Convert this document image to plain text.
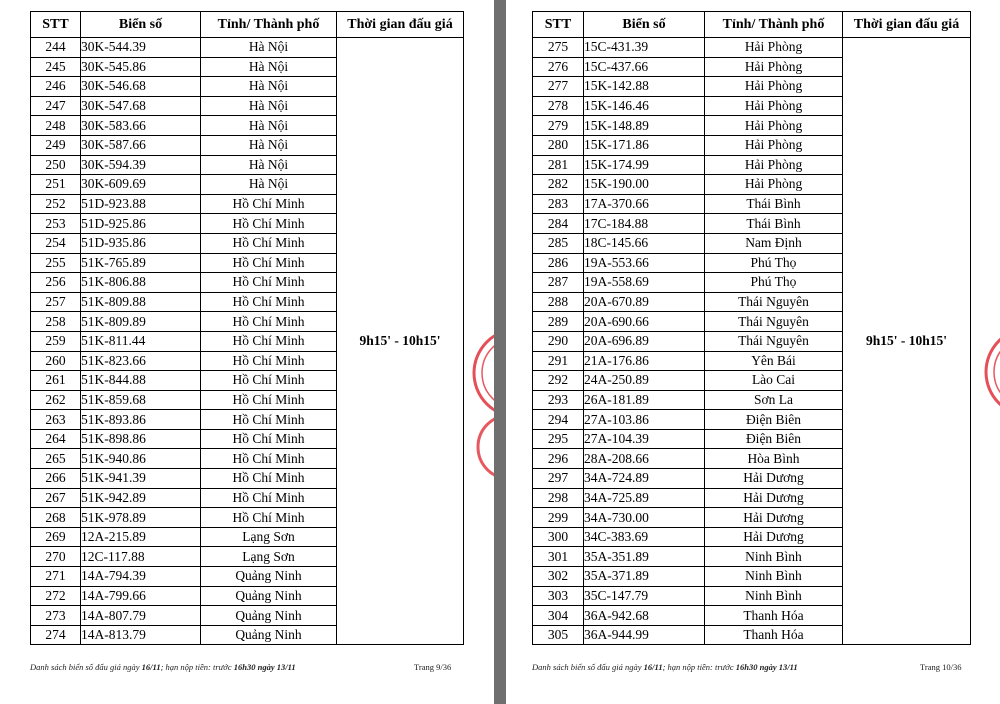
STT	Biển số	Tỉnh/ Thành phố	Thời gian đấu giá
244	30K-544.39	Hà Nội	9h15' - 10h15'
245	30K-545.86	Hà Nội	
246	30K-546.68	Hà Nội	
247	30K-547.68	Hà Nội	
248	30K-583.66	Hà Nội	
249	30K-587.66	Hà Nội	
250	30K-594.39	Hà Nội	
251	30K-609.69	Hà Nội	
252	51D-923.88	Hồ Chí Minh	
253	51D-925.86	Hồ Chí Minh	
254	51D-935.86	Hồ Chí Minh	
255	51K-765.89	Hồ Chí Minh	
256	51K-806.88	Hồ Chí Minh	
257	51K-809.88	Hồ Chí Minh	
258	51K-809.89	Hồ Chí Minh	
259	51K-811.44	Hồ Chí Minh	
260	51K-823.66	Hồ Chí Minh	
261	51K-844.88	Hồ Chí Minh	
262	51K-859.68	Hồ Chí Minh	
263	51K-893.86	Hồ Chí Minh	
264	51K-898.86	Hồ Chí Minh	
265	51K-940.86	Hồ Chí Minh	
266	51K-941.39	Hồ Chí Minh	
267	51K-942.89	Hồ Chí Minh	
268	51K-978.89	Hồ Chí Minh	
269	12A-215.89	Lạng Sơn	
270	12C-117.88	Lạng Sơn	
271	14A-794.39	Quảng Ninh	
272	14A-799.66	Quảng Ninh	
273	14A-807.79	Quảng Ninh	
274	14A-813.79	Quảng Ninh	
Danh sách biển số đấu giá ngày 16/11; hạn nộp tiền: trước 16h30 ngày 13/11	Trang 9/36
STT	Biển số	Tỉnh/ Thành phố	Thời gian đấu giá
275	15C-431.39	Hải Phòng	9h15' - 10h15'
276	15C-437.66	Hải Phòng	
277	15K-142.88	Hải Phòng	
278	15K-146.46	Hải Phòng	
279	15K-148.89	Hải Phòng	
280	15K-171.86	Hải Phòng	
281	15K-174.99	Hải Phòng	
282	15K-190.00	Hải Phòng	
283	17A-370.66	Thái Bình	
284	17C-184.88	Thái Bình	
285	18C-145.66	Nam Định	
286	19A-553.66	Phú Thọ	
287	19A-558.69	Phú Thọ	
288	20A-670.89	Thái Nguyên	
289	20A-690.66	Thái Nguyên	
290	20A-696.89	Thái Nguyên	
291	21A-176.86	Yên Bái	
292	24A-250.89	Lào Cai	
293	26A-181.89	Sơn La	
294	27A-103.86	Điện Biên	
295	27A-104.39	Điện Biên	
296	28A-208.66	Hòa Bình	
297	34A-724.89	Hải Dương	
298	34A-725.89	Hải Dương	
299	34A-730.00	Hải Dương	
300	34C-383.69	Hải Dương	
301	35A-351.89	Ninh Bình	
302	35A-371.89	Ninh Bình	
303	35C-147.79	Ninh Bình	
304	36A-942.68	Thanh Hóa	
305	36A-944.99	Thanh Hóa	
Danh sách biển số đấu giá ngày 16/11; hạn nộp tiền: trước 16h30 ngày 13/11	Trang 10/36
